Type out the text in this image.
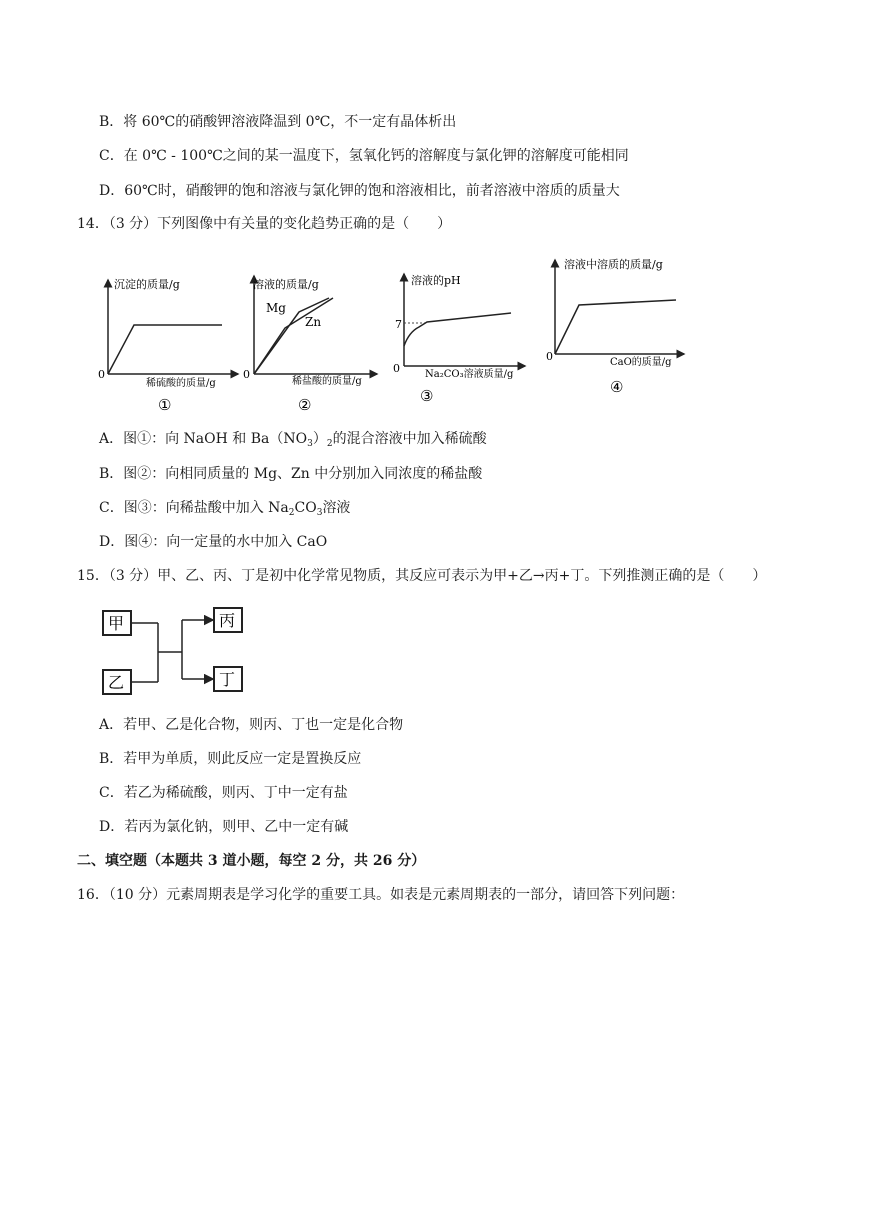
B．将 60℃的硝酸钾溶液降温到 0℃，不一定有晶体析出
C．在 0℃ - 100℃之间的某一温度下，氢氧化钙的溶解度与氯化钾的溶解度可能相同
D．60℃时，硝酸钾的饱和溶液与氯化钾的饱和溶液相比，前者溶液中溶质的质量大
14．（3 分）下列图像中有关量的变化趋势正确的是（　　）
沉淀的质量/g
0
稀硫酸的质量/g
①
溶液的质量/g
Mg
Zn
0
稀盐酸的质量/g
②
溶液的pH
7
0	Na₂CO₃溶液质量/g
③
溶液中溶质的质量/g
0	CaO的质量/g
④
A．图①：向 NaOH 和 $Ba(NO_3)_2$的混合溶液中加入稀硫酸
B．图②：向相同质量的 Mg、Zn 中分别加入同浓度的稀盐酸
C．图③：向稀盐酸中加入 $Na_2CO_3$溶液
D．图④：向一定量的水中加入 CaO
15．（3 分）甲、乙、丙、丁是初中化学常见物质，其反应可表示为甲+乙→丙+丁。下列推测正确的是（　　）
甲
乙
丙
丁
A．若甲、乙是化合物，则丙、丁也一定是化合物
B．若甲为单质，则此反应一定是置换反应
C．若乙为稀硫酸，则丙、丁中一定有盐
D．若丙为氯化钠，则甲、乙中一定有碱
二、填空题（本题共 3 道小题，每空 2 分，共 26 分）
16．（10 分）元素周期表是学习化学的重要工具。如表是元素周期表的一部分，请回答下列问题：
